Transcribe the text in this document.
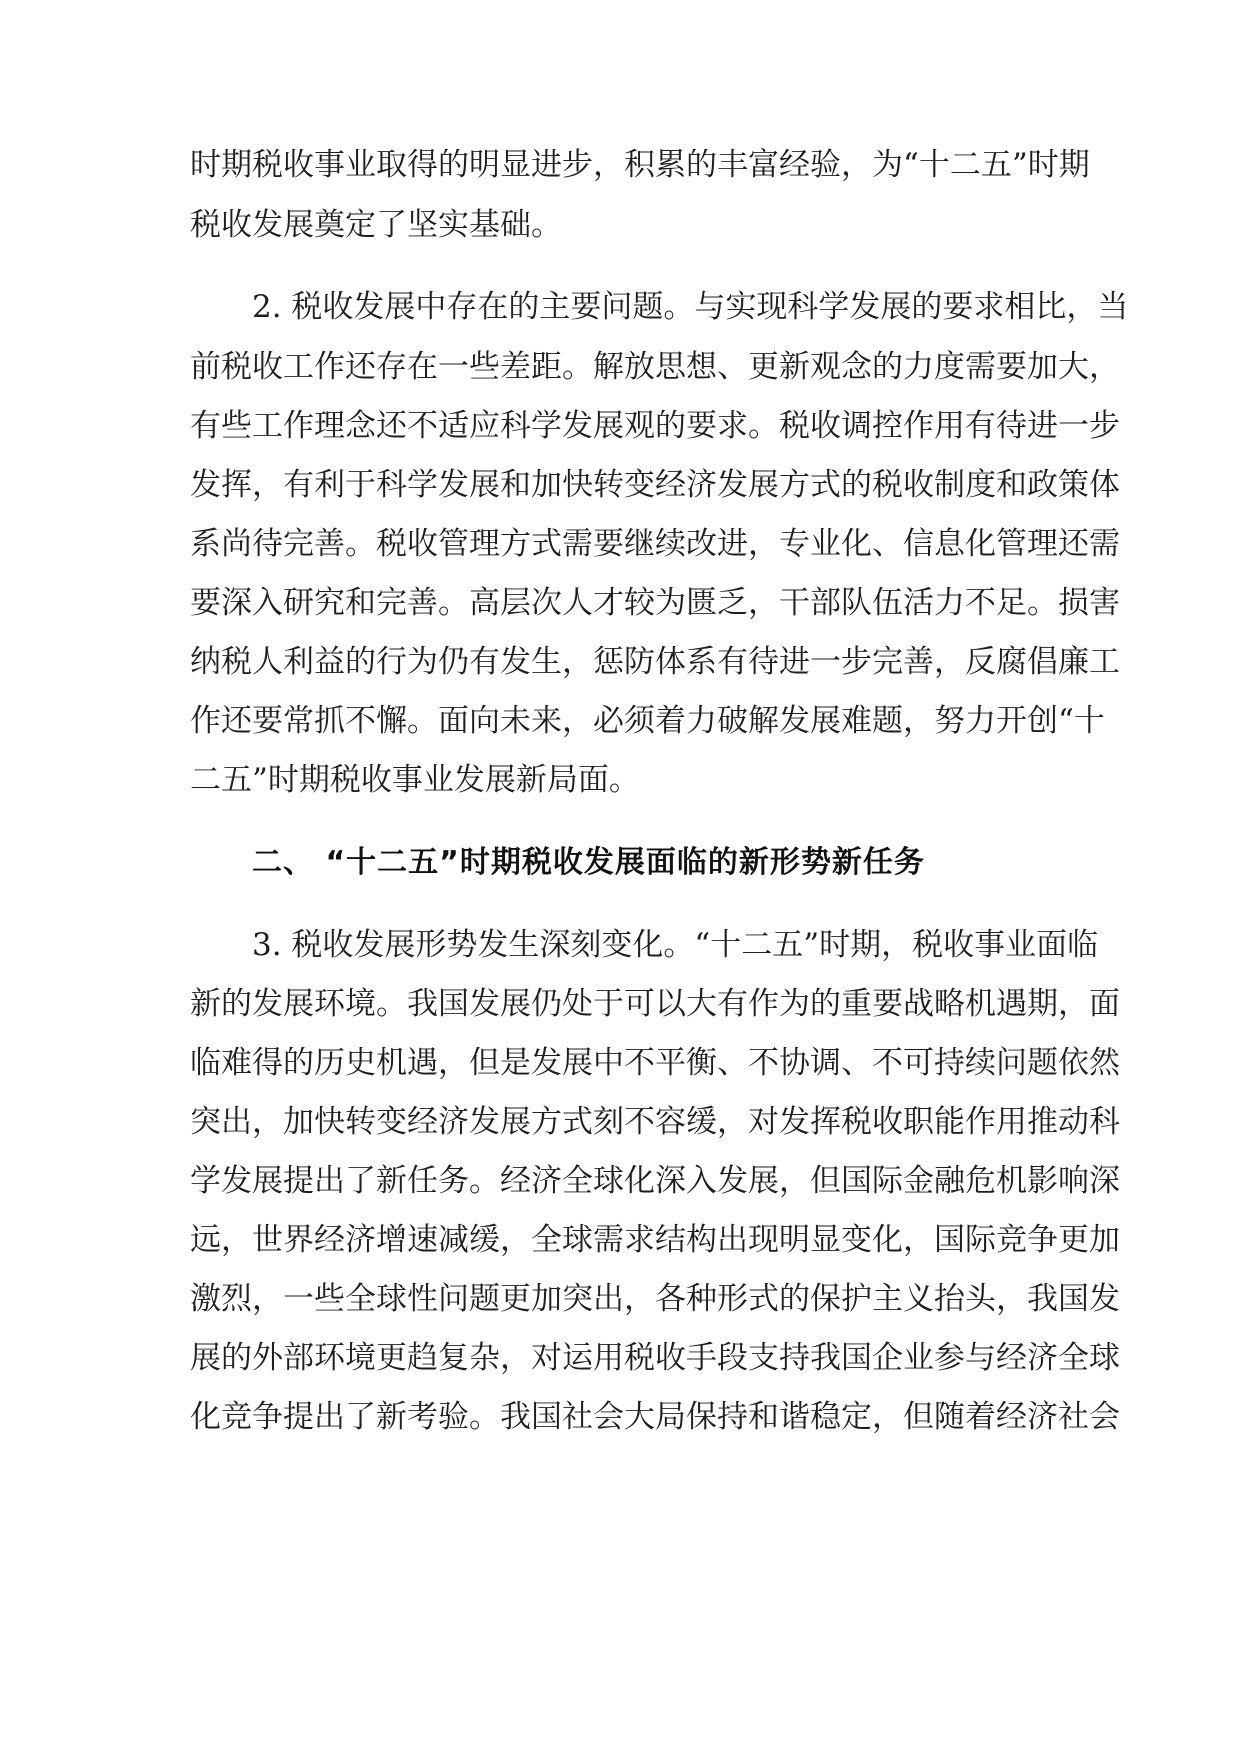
时期税收事业取得的明显进步，积累的丰富经验，为“十二五”时期
税收发展奠定了坚实基础。
2. 税收发展中存在的主要问题。与实现科学发展的要求相比，当
前税收工作还存在一些差距。解放思想、更新观念的力度需要加大，
有些工作理念还不适应科学发展观的要求。税收调控作用有待进一步
发挥，有利于科学发展和加快转变经济发展方式的税收制度和政策体
系尚待完善。税收管理方式需要继续改进，专业化、信息化管理还需
要深入研究和完善。高层次人才较为匮乏，干部队伍活力不足。损害
纳税人利益的行为仍有发生，惩防体系有待进一步完善，反腐倡廉工
作还要常抓不懈。面向未来，必须着力破解发展难题，努力开创“十
二五”时期税收事业发展新局面。
二、 “十二五”时期税收发展面临的新形势新任务
3. 税收发展形势发生深刻变化。“十二五”时期，税收事业面临
新的发展环境。我国发展仍处于可以大有作为的重要战略机遇期，面
临难得的历史机遇，但是发展中不平衡、不协调、不可持续问题依然
突出，加快转变经济发展方式刻不容缓，对发挥税收职能作用推动科
学发展提出了新任务。经济全球化深入发展，但国际金融危机影响深
远，世界经济增速减缓，全球需求结构出现明显变化，国际竞争更加
激烈，一些全球性问题更加突出，各种形式的保护主义抬头，我国发
展的外部环境更趋复杂，对运用税收手段支持我国企业参与经济全球
化竞争提出了新考验。我国社会大局保持和谐稳定，但随着经济社会
